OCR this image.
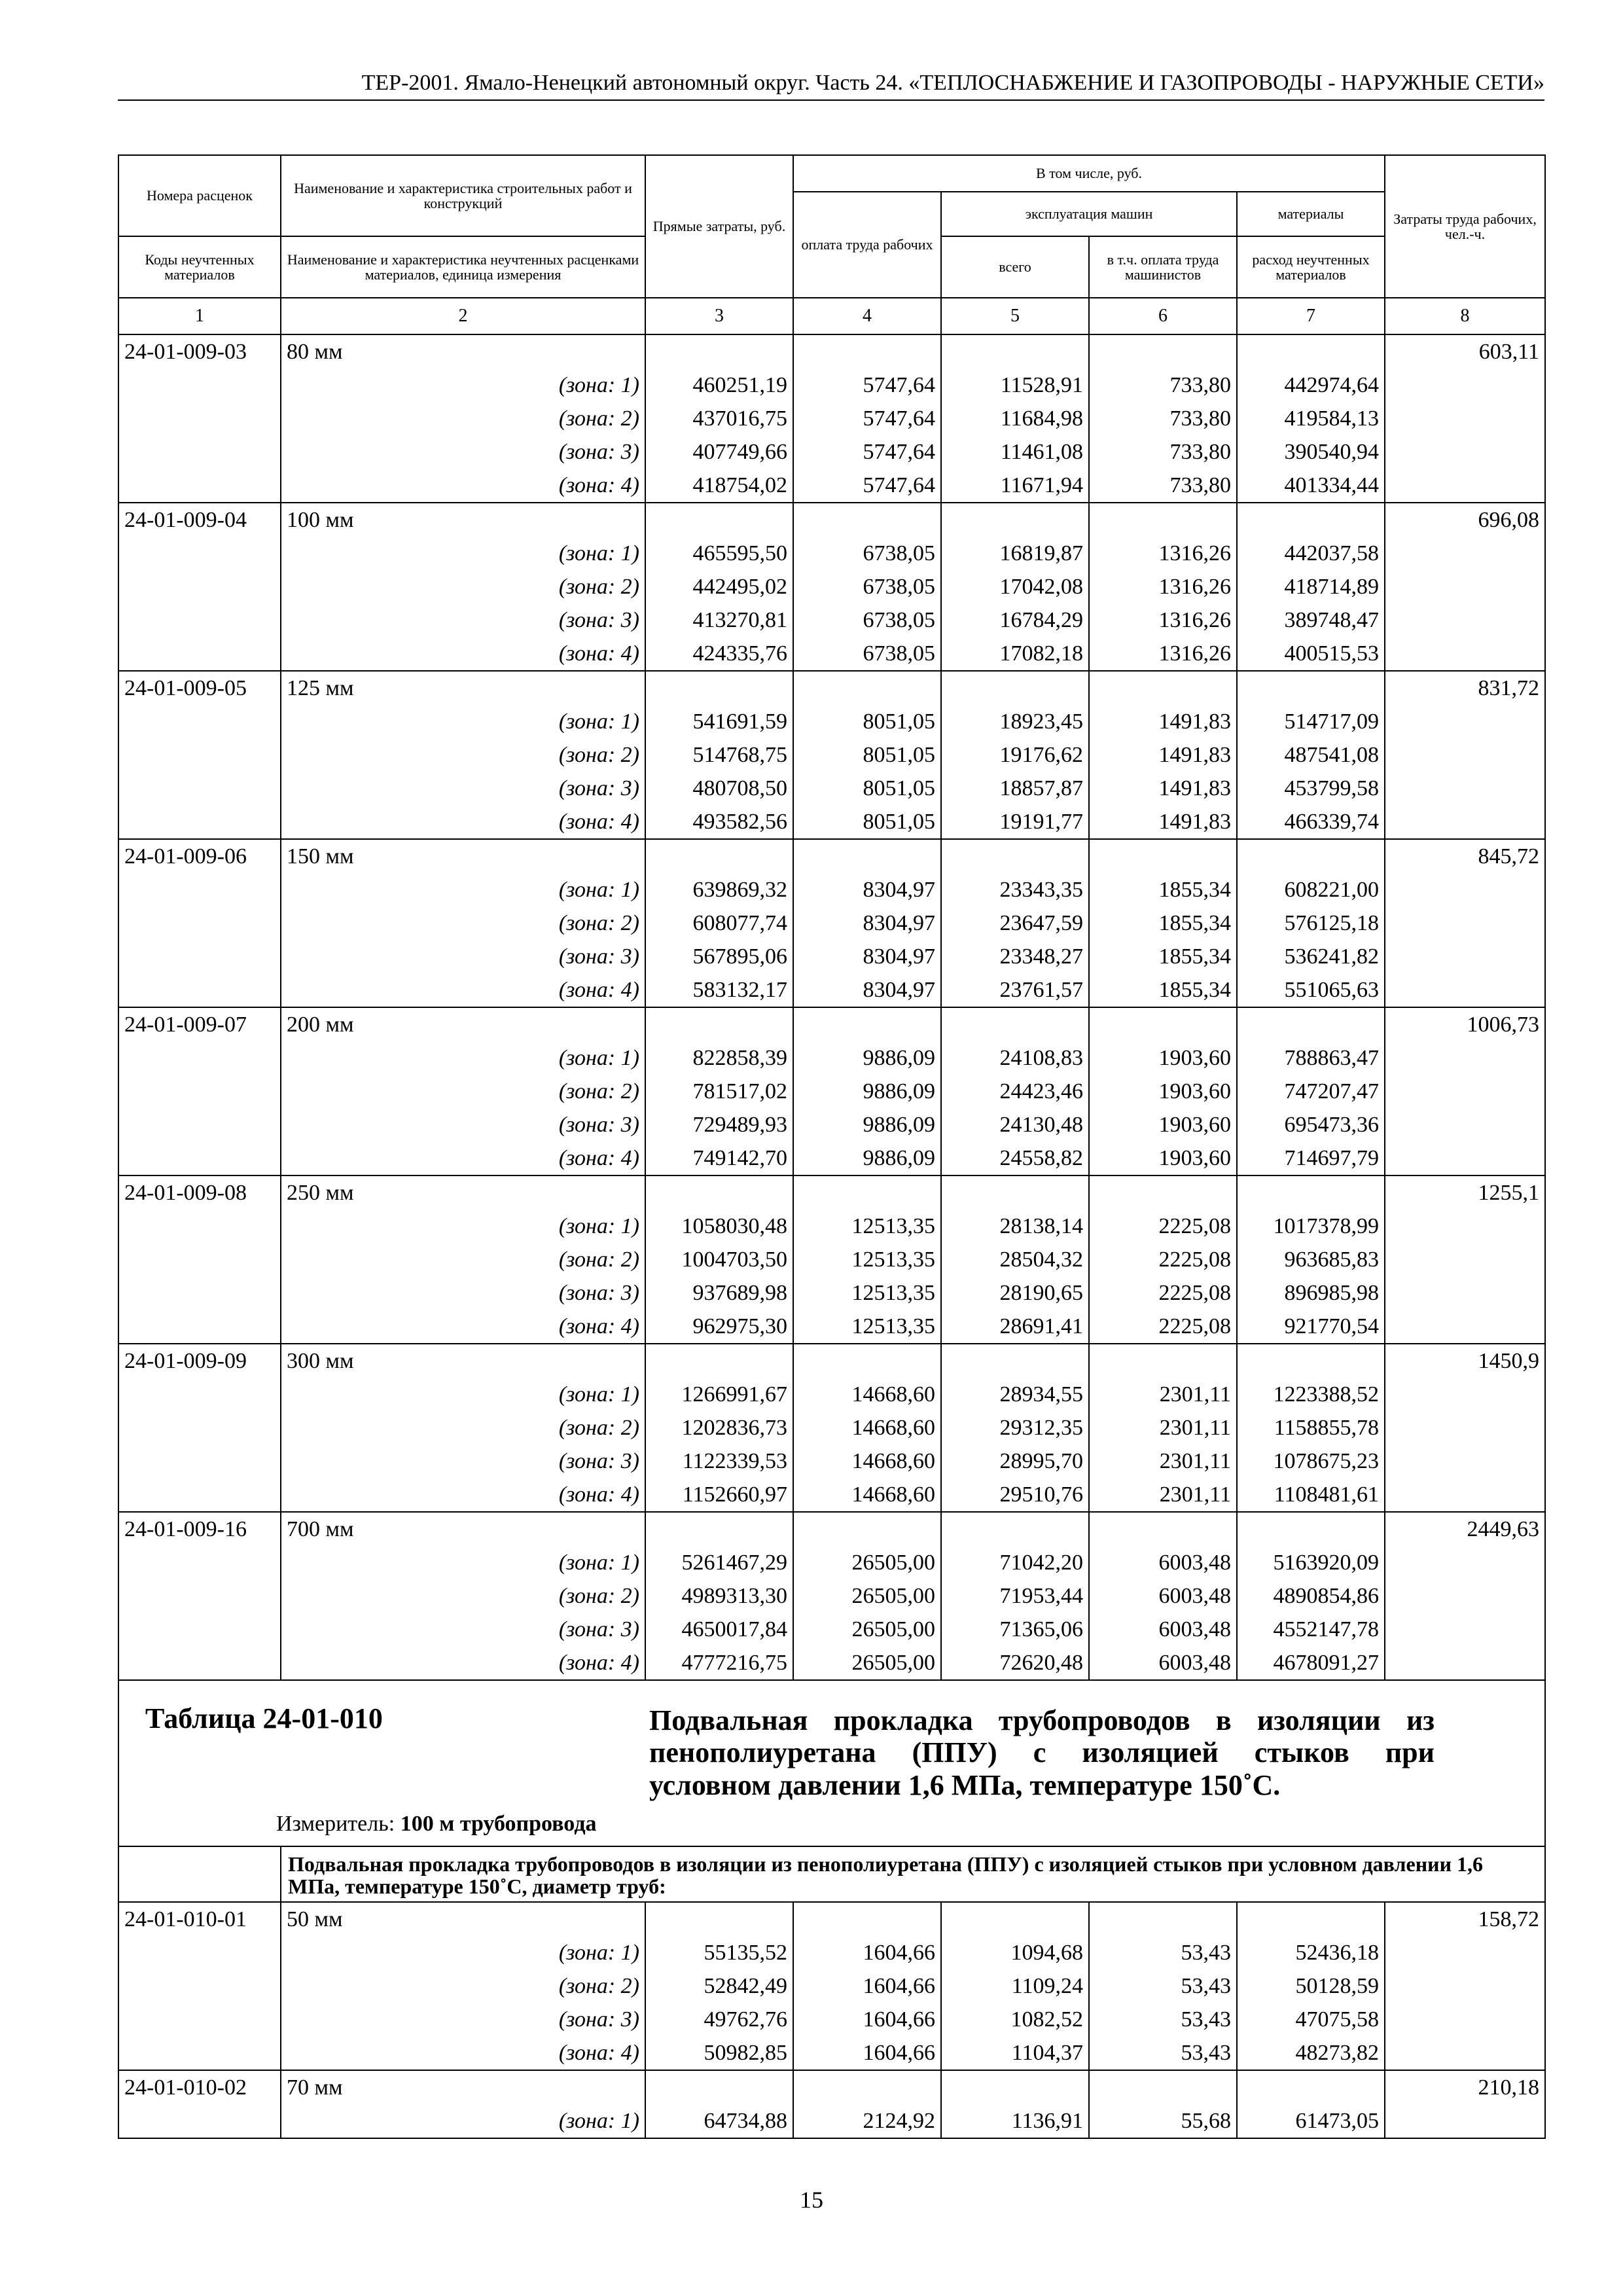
ТЕР-2001. Ямало-Ненецкий автономный округ. Часть 24. «ТЕПЛОСНАБЖЕНИЕ И ГАЗОПРОВОДЫ - НАРУЖНЫЕ СЕТИ»
Номера расценок	Наименование и характеристика строительных работ и конструкций	Прямые затраты, руб.	В том числе, руб.				Затраты труда рабочих, чел.-ч.
			оплата труда рабочих	эксплуатация машин		материалы	
Коды неучтенных материалов	Наименование и характеристика неучтенных расценками материалов, единица измерения			всего	в т.ч. оплата труда машинистов	расход неучтенных материалов	
1	2	3	4	5	6	7	8
24-01-009-03	80 мм						603,11
	(зона: 1)	460251,19	5747,64	11528,91	733,80	442974,64	
	(зона: 2)	437016,75	5747,64	11684,98	733,80	419584,13	
	(зона: 3)	407749,66	5747,64	11461,08	733,80	390540,94	
	(зона: 4)	418754,02	5747,64	11671,94	733,80	401334,44	
24-01-009-04	100 мм						696,08
	(зона: 1)	465595,50	6738,05	16819,87	1316,26	442037,58	
	(зона: 2)	442495,02	6738,05	17042,08	1316,26	418714,89	
	(зона: 3)	413270,81	6738,05	16784,29	1316,26	389748,47	
	(зона: 4)	424335,76	6738,05	17082,18	1316,26	400515,53	
24-01-009-05	125 мм						831,72
	(зона: 1)	541691,59	8051,05	18923,45	1491,83	514717,09	
	(зона: 2)	514768,75	8051,05	19176,62	1491,83	487541,08	
	(зона: 3)	480708,50	8051,05	18857,87	1491,83	453799,58	
	(зона: 4)	493582,56	8051,05	19191,77	1491,83	466339,74	
24-01-009-06	150 мм						845,72
	(зона: 1)	639869,32	8304,97	23343,35	1855,34	608221,00	
	(зона: 2)	608077,74	8304,97	23647,59	1855,34	576125,18	
	(зона: 3)	567895,06	8304,97	23348,27	1855,34	536241,82	
	(зона: 4)	583132,17	8304,97	23761,57	1855,34	551065,63	
24-01-009-07	200 мм						1006,73
	(зона: 1)	822858,39	9886,09	24108,83	1903,60	788863,47	
	(зона: 2)	781517,02	9886,09	24423,46	1903,60	747207,47	
	(зона: 3)	729489,93	9886,09	24130,48	1903,60	695473,36	
	(зона: 4)	749142,70	9886,09	24558,82	1903,60	714697,79	
24-01-009-08	250 мм						1255,1
	(зона: 1)	1058030,48	12513,35	28138,14	2225,08	1017378,99	
	(зона: 2)	1004703,50	12513,35	28504,32	2225,08	963685,83	
	(зона: 3)	937689,98	12513,35	28190,65	2225,08	896985,98	
	(зона: 4)	962975,30	12513,35	28691,41	2225,08	921770,54	
24-01-009-09	300 мм						1450,9
	(зона: 1)	1266991,67	14668,60	28934,55	2301,11	1223388,52	
	(зона: 2)	1202836,73	14668,60	29312,35	2301,11	1158855,78	
	(зона: 3)	1122339,53	14668,60	28995,70	2301,11	1078675,23	
	(зона: 4)	1152660,97	14668,60	29510,76	2301,11	1108481,61	
24-01-009-16	700 мм						2449,63
	(зона: 1)	5261467,29	26505,00	71042,20	6003,48	5163920,09	
	(зона: 2)	4989313,30	26505,00	71953,44	6003,48	4890854,86	
	(зона: 3)	4650017,84	26505,00	71365,06	6003,48	4552147,78	
	(зона: 4)	4777216,75	26505,00	72620,48	6003,48	4678091,27	

Таблица 24-01-010 Подвальная прокладка трубопроводов в изоляции из пенополиуретана (ППУ) с изоляцией стыков при
условном давлении 1,6 МПа, температуре 150˚С.
Измеритель: 100 м трубопровода							

	Подвальная прокладка трубопроводов в изоляции из пенополиуретана (ППУ) с изоляцией стыков при условном давлении 1,6 МПа, температуре 150˚С, диаметр труб:						
24-01-010-01	50 мм						158,72
	(зона: 1)	55135,52	1604,66	1094,68	53,43	52436,18	
	(зона: 2)	52842,49	1604,66	1109,24	53,43	50128,59	
	(зона: 3)	49762,76	1604,66	1082,52	53,43	47075,58	
	(зона: 4)	50982,85	1604,66	1104,37	53,43	48273,82	
24-01-010-02	70 мм						210,18
	(зона: 1)	64734,88	2124,92	1136,91	55,68	61473,05	
15
